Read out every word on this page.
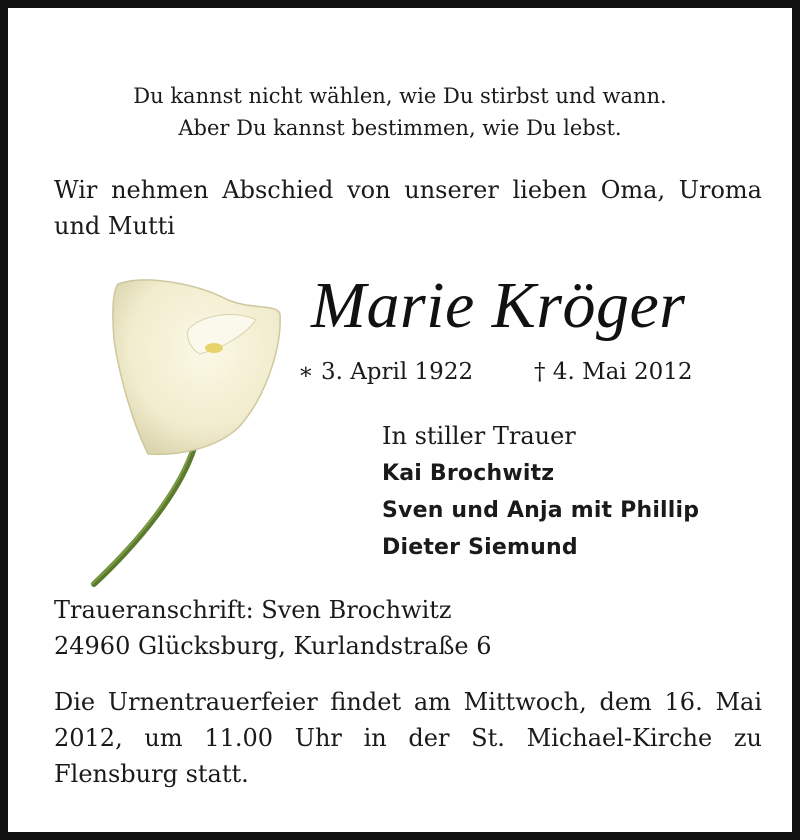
Du kannst nicht wählen, wie Du stirbst und wann.
Aber Du kannst bestimmen, wie Du lebst.
Wir nehmen Abschied von unserer lieben Oma, Uroma und Mutti
Marie Kröger
∗ 3. April 1922	† 4. Mai 2012
In stiller Trauer
Kai Brochwitz
Sven und Anja mit Phillip
Dieter Siemund
Traueranschrift: Sven Brochwitz
24960 Glücksburg, Kurlandstraße 6
Die Urnentrauerfeier findet am Mittwoch, dem 16. Mai 2012, um 11.00 Uhr in der St. Michael-Kirche zu Flensburg statt.
